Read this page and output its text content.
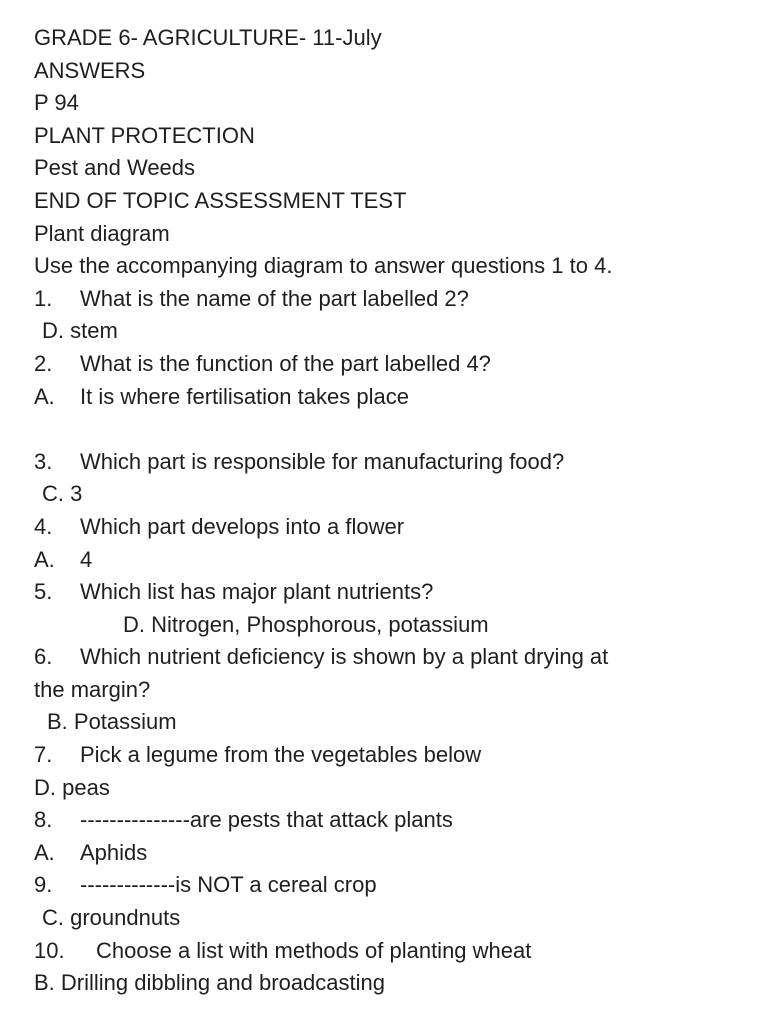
GRADE 6- AGRICULTURE- 11-July
ANSWERS
P 94
PLANT PROTECTION
Pest and Weeds
END OF TOPIC ASSESSMENT TEST
Plant diagram
Use the accompanying diagram to answer questions 1 to 4.
1. What is the name of the part labelled 2?
D. stem
2. What is the function of the part labelled 4?
A. It is where fertilisation takes place
3. Which part is responsible for manufacturing food?
C. 3
4. Which part develops into a flower
A. 4
5. Which list has major plant nutrients?
D. Nitrogen, Phosphorous, potassium
6. Which nutrient deficiency is shown by a plant drying at
the margin?
B. Potassium
7. Pick a legume from the vegetables below
D. peas
8. ---------------are pests that attack plants
A. Aphids
9. -------------is NOT a cereal crop
C. groundnuts
10. Choose a list with methods of planting wheat
B. Drilling dibbling and broadcasting
